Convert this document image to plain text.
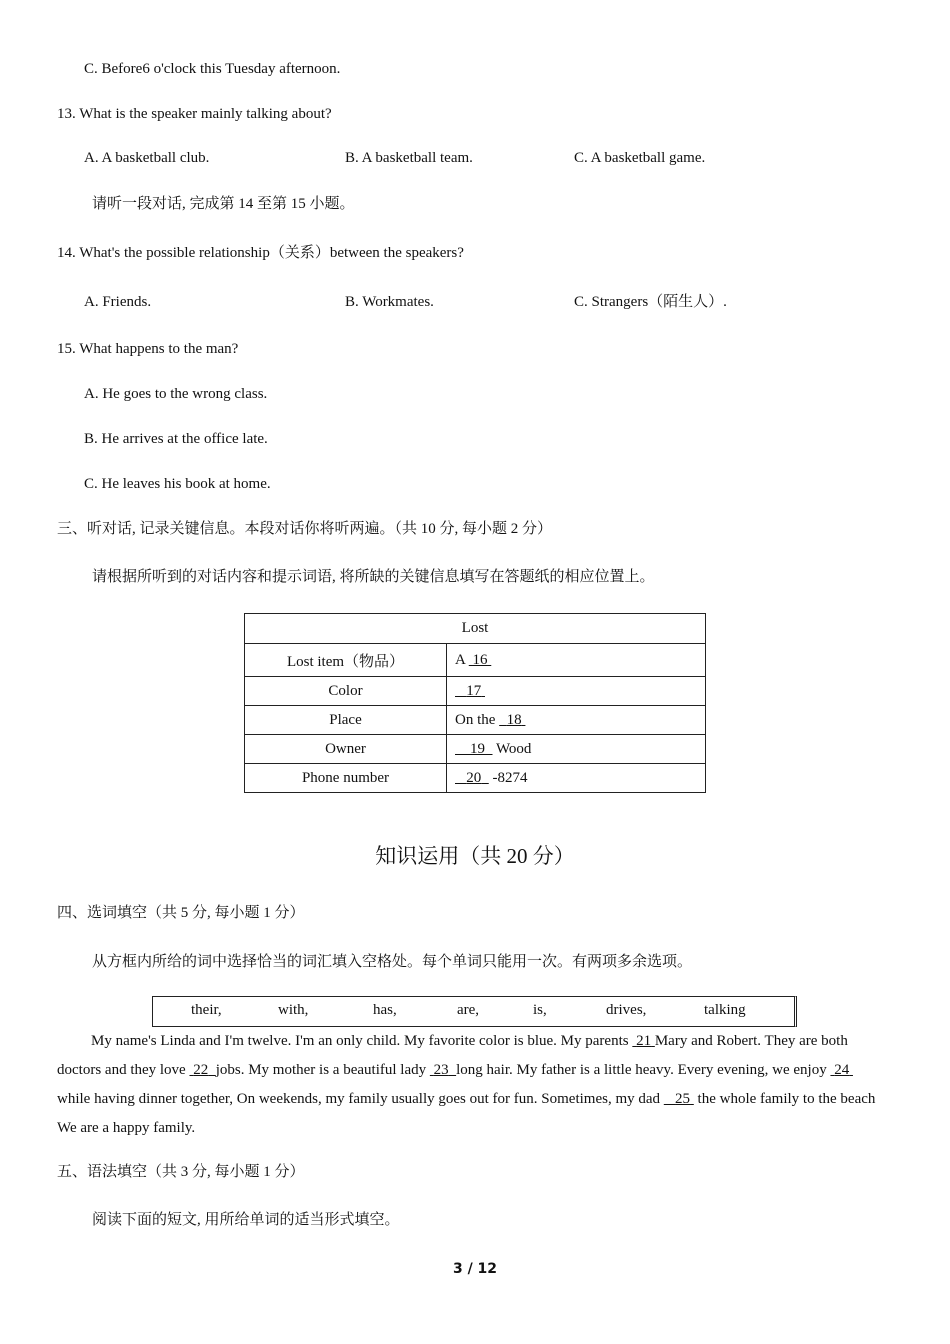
C. Before6 o'clock this Tuesday afternoon.
13. What is the speaker mainly talking about?
A. A basketball club.	B. A basketball team.	C. A basketball game.
请听一段对话, 完成第 14 至第 15 小题。
14. What's the possible relationship（关系）between the speakers?
A. Friends.	B. Workmates.	C. Strangers（陌生人）.
15. What happens to the man?
A. He goes to the wrong class.
B. He arrives at the office late.
C. He leaves his book at home.
三、听对话, 记录关键信息。本段对话你将听两遍。（共 10 分, 每小题 2 分）
请根据所听到的对话内容和提示词语, 将所缺的关键信息填写在答题纸的相应位置上。
Lost	
Lost item（物品）	A  16
Color	17
Place	On the   18
Owner	19   Wood
Phone number	20   -8274
知识运用（共 20 分）
四、选词填空（共 5 分, 每小题 1 分）
从方框内所给的词中选择恰当的词汇填入空格处。每个单词只能用一次。有两项多余选项。
their,	with,	has,	are,	is,	drives,	talking
My name's Linda and I'm twelve. I'm an only child. My favorite color is blue. My parents  21 Mary and Robert. They are both doctors and they love  22 jobs. My mother is a beautiful lady  23 long hair. My father is a little heavy. Every evening, we enjoy  24  while having dinner together, On weekends, my family usually goes out for fun. Sometimes, my dad    25  the whole family to the beach We are a happy family.
五、语法填空（共 3 分, 每小题 1 分）
阅读下面的短文, 用所给单词的适当形式填空。
3 / 12
